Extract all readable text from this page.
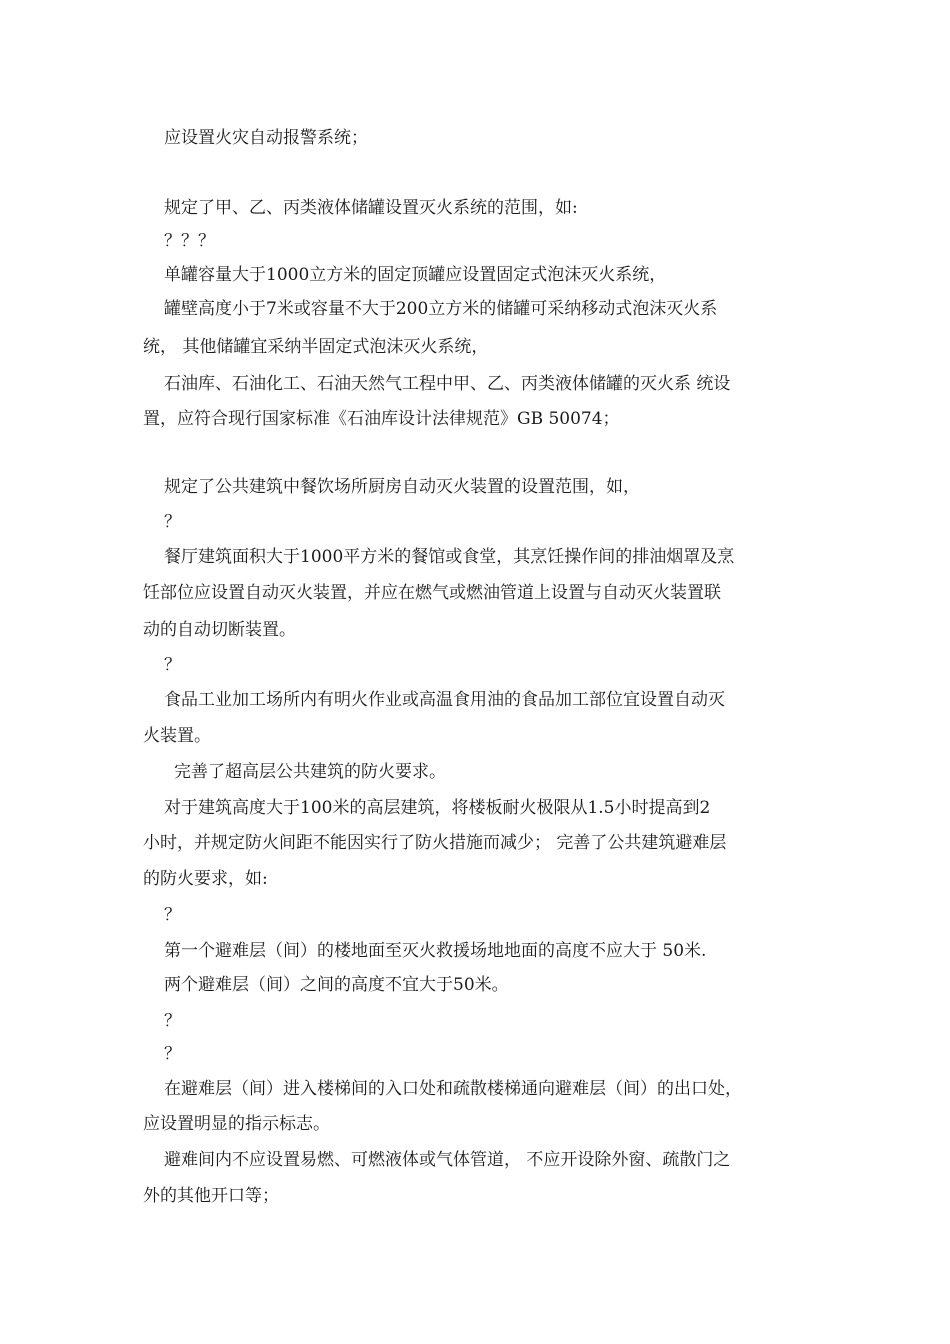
应设置火灾自动报警系统；

规定了甲、乙、丙类液体储罐设置灭火系统的范围，如:

？？？

单罐容量大于1000立方米的固定顶罐应设置固定式泡沫灭火系统，

罐壁高度小于7米或容量不大于200立方米的储罐可采纳移动式泡沫灭火系

统， 其他储罐宜采纳半固定式泡沫灭火系统，

石油库、石油化工、石油天然气工程中甲、乙、丙类液体储罐的灭火系 统设

置，应符合现行国家标准《石油库设计法律规范》GB 50074；

规定了公共建筑中餐饮场所厨房自动灭火装置的设置范围，如，

？

餐厅建筑面积大于1000平方米的餐馆或食堂，其烹饪操作间的排油烟罩及烹

饪部位应设置自动灭火装置，并应在燃气或燃油管道上设置与自动灭火装置联

动的自动切断装置。

？

食品工业加工场所内有明火作业或高温食用油的食品加工部位宜设置自动灭

火装置。

完善了超高层公共建筑的防火要求。

对于建筑高度大于100米的高层建筑，将楼板耐火极限从1.5小时提高到2

小时，并规定防火间距不能因实行了防火措施而减少； 完善了公共建筑避难层

的防火要求，如:

？

第一个避难层（间）的楼地面至灭火救援场地地面的高度不应大于 50米.

两个避难层（间）之间的高度不宜大于50米。

？

？

在避难层（间）进入楼梯间的入口处和疏散楼梯通向避难层（间）的出口处，

应设置明显的指示标志。

避难间内不应设置易燃、可燃液体或气体管道， 不应开设除外窗、疏散门之

外的其他开口等；
